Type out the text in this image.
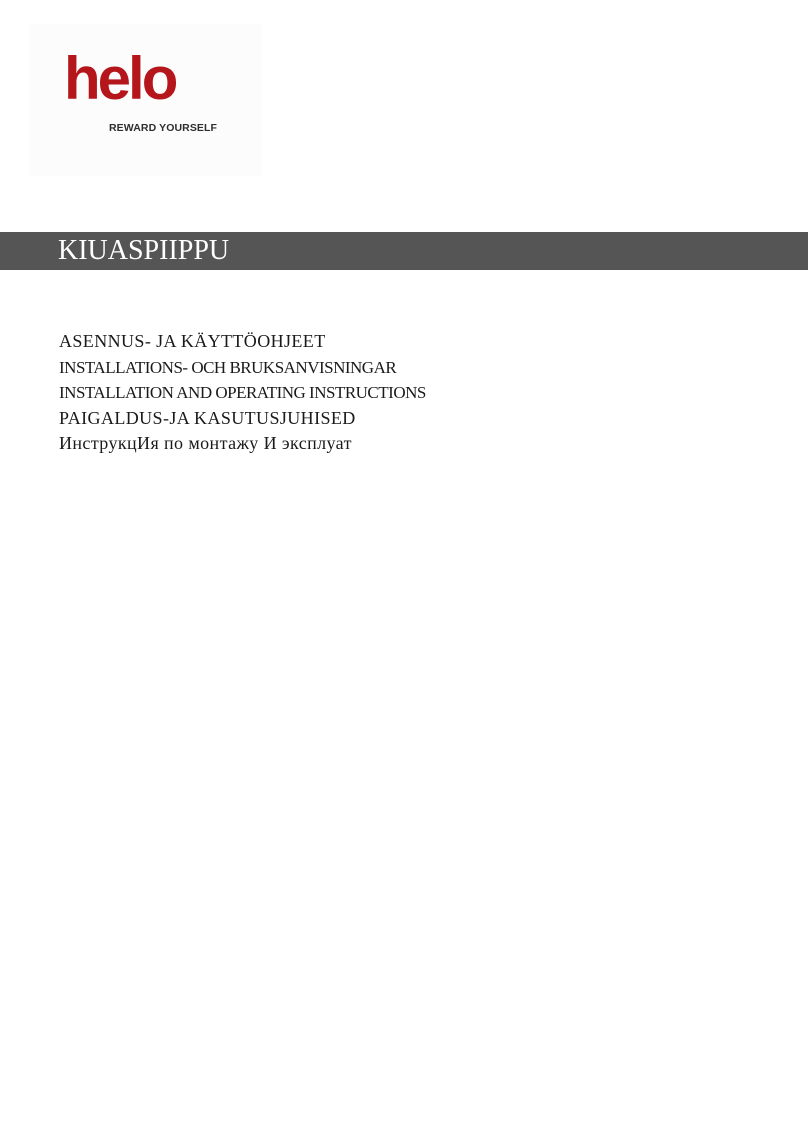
helo
REWARD YOURSELF
KIUASPIIPPU
ASENNUS- JA KÄYTTÖOHJEET
INSTALLATIONS- OCH BRUKSANVISNINGAR
INSTALLATION AND OPERATING INSTRUCTIONS
PAIGALDUS-JA KASUTUSJUHISED
ИнструкцИя по монтажу И эксплуат
